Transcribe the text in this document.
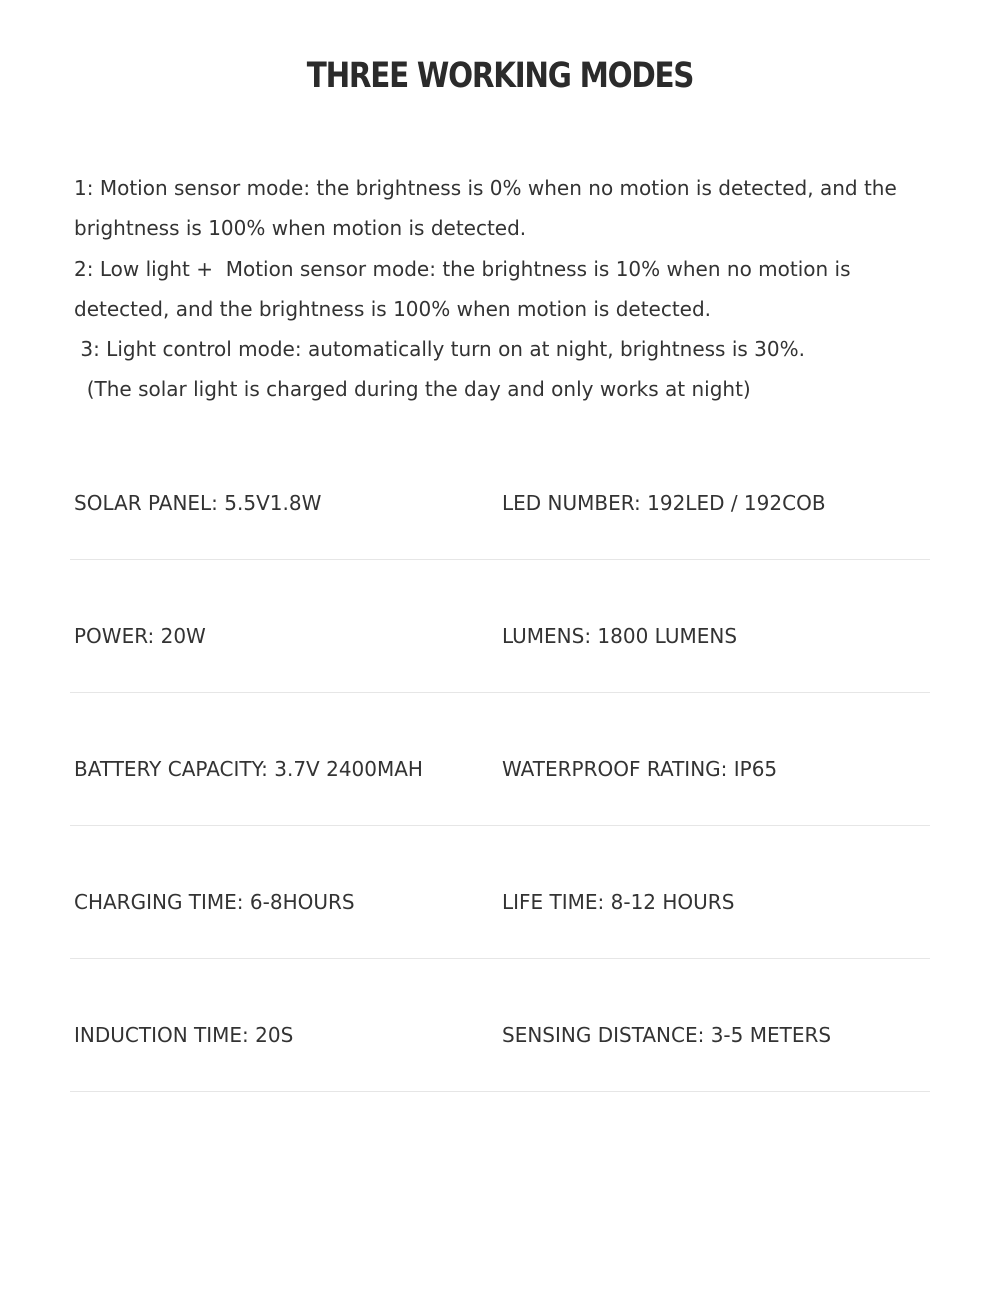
THREE WORKING MODES

1: Motion sensor mode: the brightness is 0% when no motion is detected, and the

brightness is 100% when motion is detected.

2: Low light +  Motion sensor mode: the brightness is 10% when no motion is

detected, and the brightness is 100% when motion is detected.

3: Light control mode: automatically turn on at night, brightness is 30%.

(The solar light is charged during the day and only works at night)

SOLAR PANEL: 5.5V1.8W	LED NUMBER: 192LED / 192COB
POWER: 20W	LUMENS: 1800 LUMENS
BATTERY CAPACITY: 3.7V 2400MAH	WATERPROOF RATING: IP65
CHARGING TIME: 6-8HOURS	LIFE TIME: 8-12 HOURS
INDUCTION TIME: 20S	SENSING DISTANCE: 3-5 METERS
